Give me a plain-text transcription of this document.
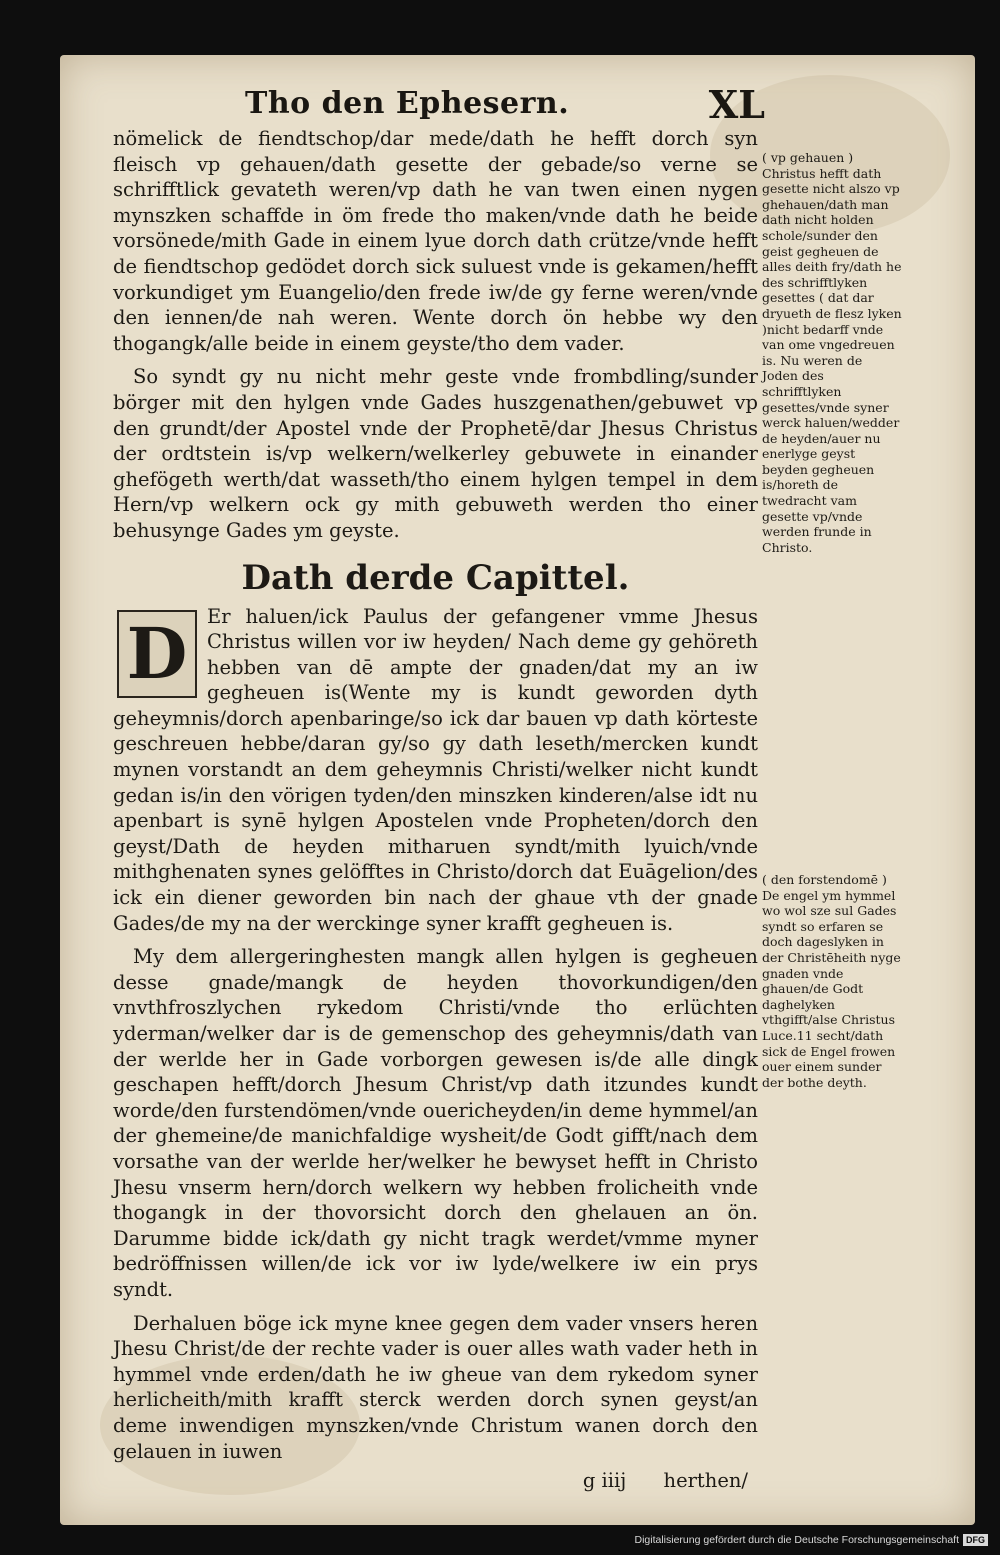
Tho den Ephesern.	XL

nömelick de fiendtschop/dar mede/dath he hefft dorch syn fleisch vp gehauen/dath gesette der gebade/so verne se schrifftlick gevateth weren/vp dath he van twen einen nygen mynszken schaffde in öm frede tho maken/vnde dath he beide vorsönede/mith Gade in einem lyue dorch dath crütze/vnde hefft de fiendtschop gedödet dorch sick suluest vnde is gekamen/hefft vorkundiget ym Euangelio/den frede iw/de gy ferne weren/vnde den iennen/de nah weren. Wente dorch ön hebbe wy den thogangk/alle beide in einem geyste/tho dem vader.

So syndt gy nu nicht mehr geste vnde frombdling/sunder börger mit den hylgen vnde Gades huszgenathen/gebuwet vp den grundt/der Apostel vnde der Prophetē/dar Jhesus Christus der ordtstein is/vp welkern/welkerley gebuwete in einander ghefögeth werth/dat wasseth/tho einem hylgen tempel in dem Hern/vp welkern ock gy mith gebuweth werden tho einer behusynge Gades ym geyste.

Dath derde Capittel.

D	Er haluen/ick Paulus der gefangener vmme Jhesus Christus willen vor iw heyden/ Nach deme gy gehöreth hebben van dē ampte der gnaden/dat my an iw gegheuen is(Wente my is kundt geworden dyth geheymnis/dorch apenbaringe/so ick dar bauen vp dath körteste geschreuen hebbe/daran gy/so gy dath leseth/mercken kundt mynen vorstandt an dem geheymnis Christi/welker nicht kundt gedan is/in den vörigen tyden/den minszken kinderen/alse idt nu apenbart is synē hylgen Apostelen vnde Propheten/dorch den geyst/Dath de heyden mitharuen syndt/mith lyuich/vnde mithghenaten synes gelöfftes in Christo/dorch dat Euāgelion/des ick ein diener geworden bin nach der ghaue vth der gnade Gades/de my na der werckinge syner krafft gegheuen is.

My dem allergeringhesten mangk allen hylgen is gegheuen desse gnade/mangk de heyden thovorkundigen/den vnvthfroszlychen rykedom Christi/vnde tho erlüchten yderman/welker dar is de gemenschop des geheymnis/dath van der werlde her in Gade vorborgen gewesen is/de alle dingk geschapen hefft/dorch Jhesum Christ/vp dath itzundes kundt worde/den furstendömen/vnde ouericheyden/in deme hymmel/an der ghemeine/de manichfaldige wysheit/de Godt gifft/nach dem vorsathe van der werlde her/welker he bewyset hefft in Christo Jhesu vnserm hern/dorch welkern wy hebben frolicheith vnde thogangk in der thovorsicht dorch den ghelauen an ön. Darumme bidde ick/dath gy nicht tragk werdet/vmme myner bedröffnissen willen/de ick vor iw lyde/welkere iw ein prys syndt.

Derhaluen böge ick myne knee gegen dem vader vnsers heren Jhesu Christ/de der rechte vader is ouer alles wath vader heth in hymmel vnde erden/dath he iw gheue van dem rykedom syner herlicheith/mith krafft sterck werden dorch synen geyst/an deme inwendigen mynszken/vnde Christum wanen dorch den gelauen in iuwen

g iiij herthen/
( vp gehauen ) Christus hefft dath gesette nicht alszo vp ghehauen/dath man dath nicht holden schole/sunder den geist gegheuen de alles deith fry/dath he des schrifftlyken gesettes ( dat dar dryueth de flesz lyken )nicht bedarff vnde van ome vngedreuen is. Nu weren de Joden des schrifftlyken gesettes/vnde syner werck haluen/wedder de heyden/auer nu enerlyge geyst beyden gegheuen is/horeth de twedracht vam gesette vp/vnde werden frunde in Christo.
( den forstendomē ) De engel ym hymmel wo wol sze sul Gades syndt so erfaren se doch dageslyken in der Christēheith nyge gnaden vnde ghauen/de Godt daghelyken vthgifft/alse Christus Luce.11 secht/dath sick de Engel frowen ouer einem sunder der bothe deyth.
Digitalisierung gefördert durch die Deutsche Forschungsgemeinschaft DFG
